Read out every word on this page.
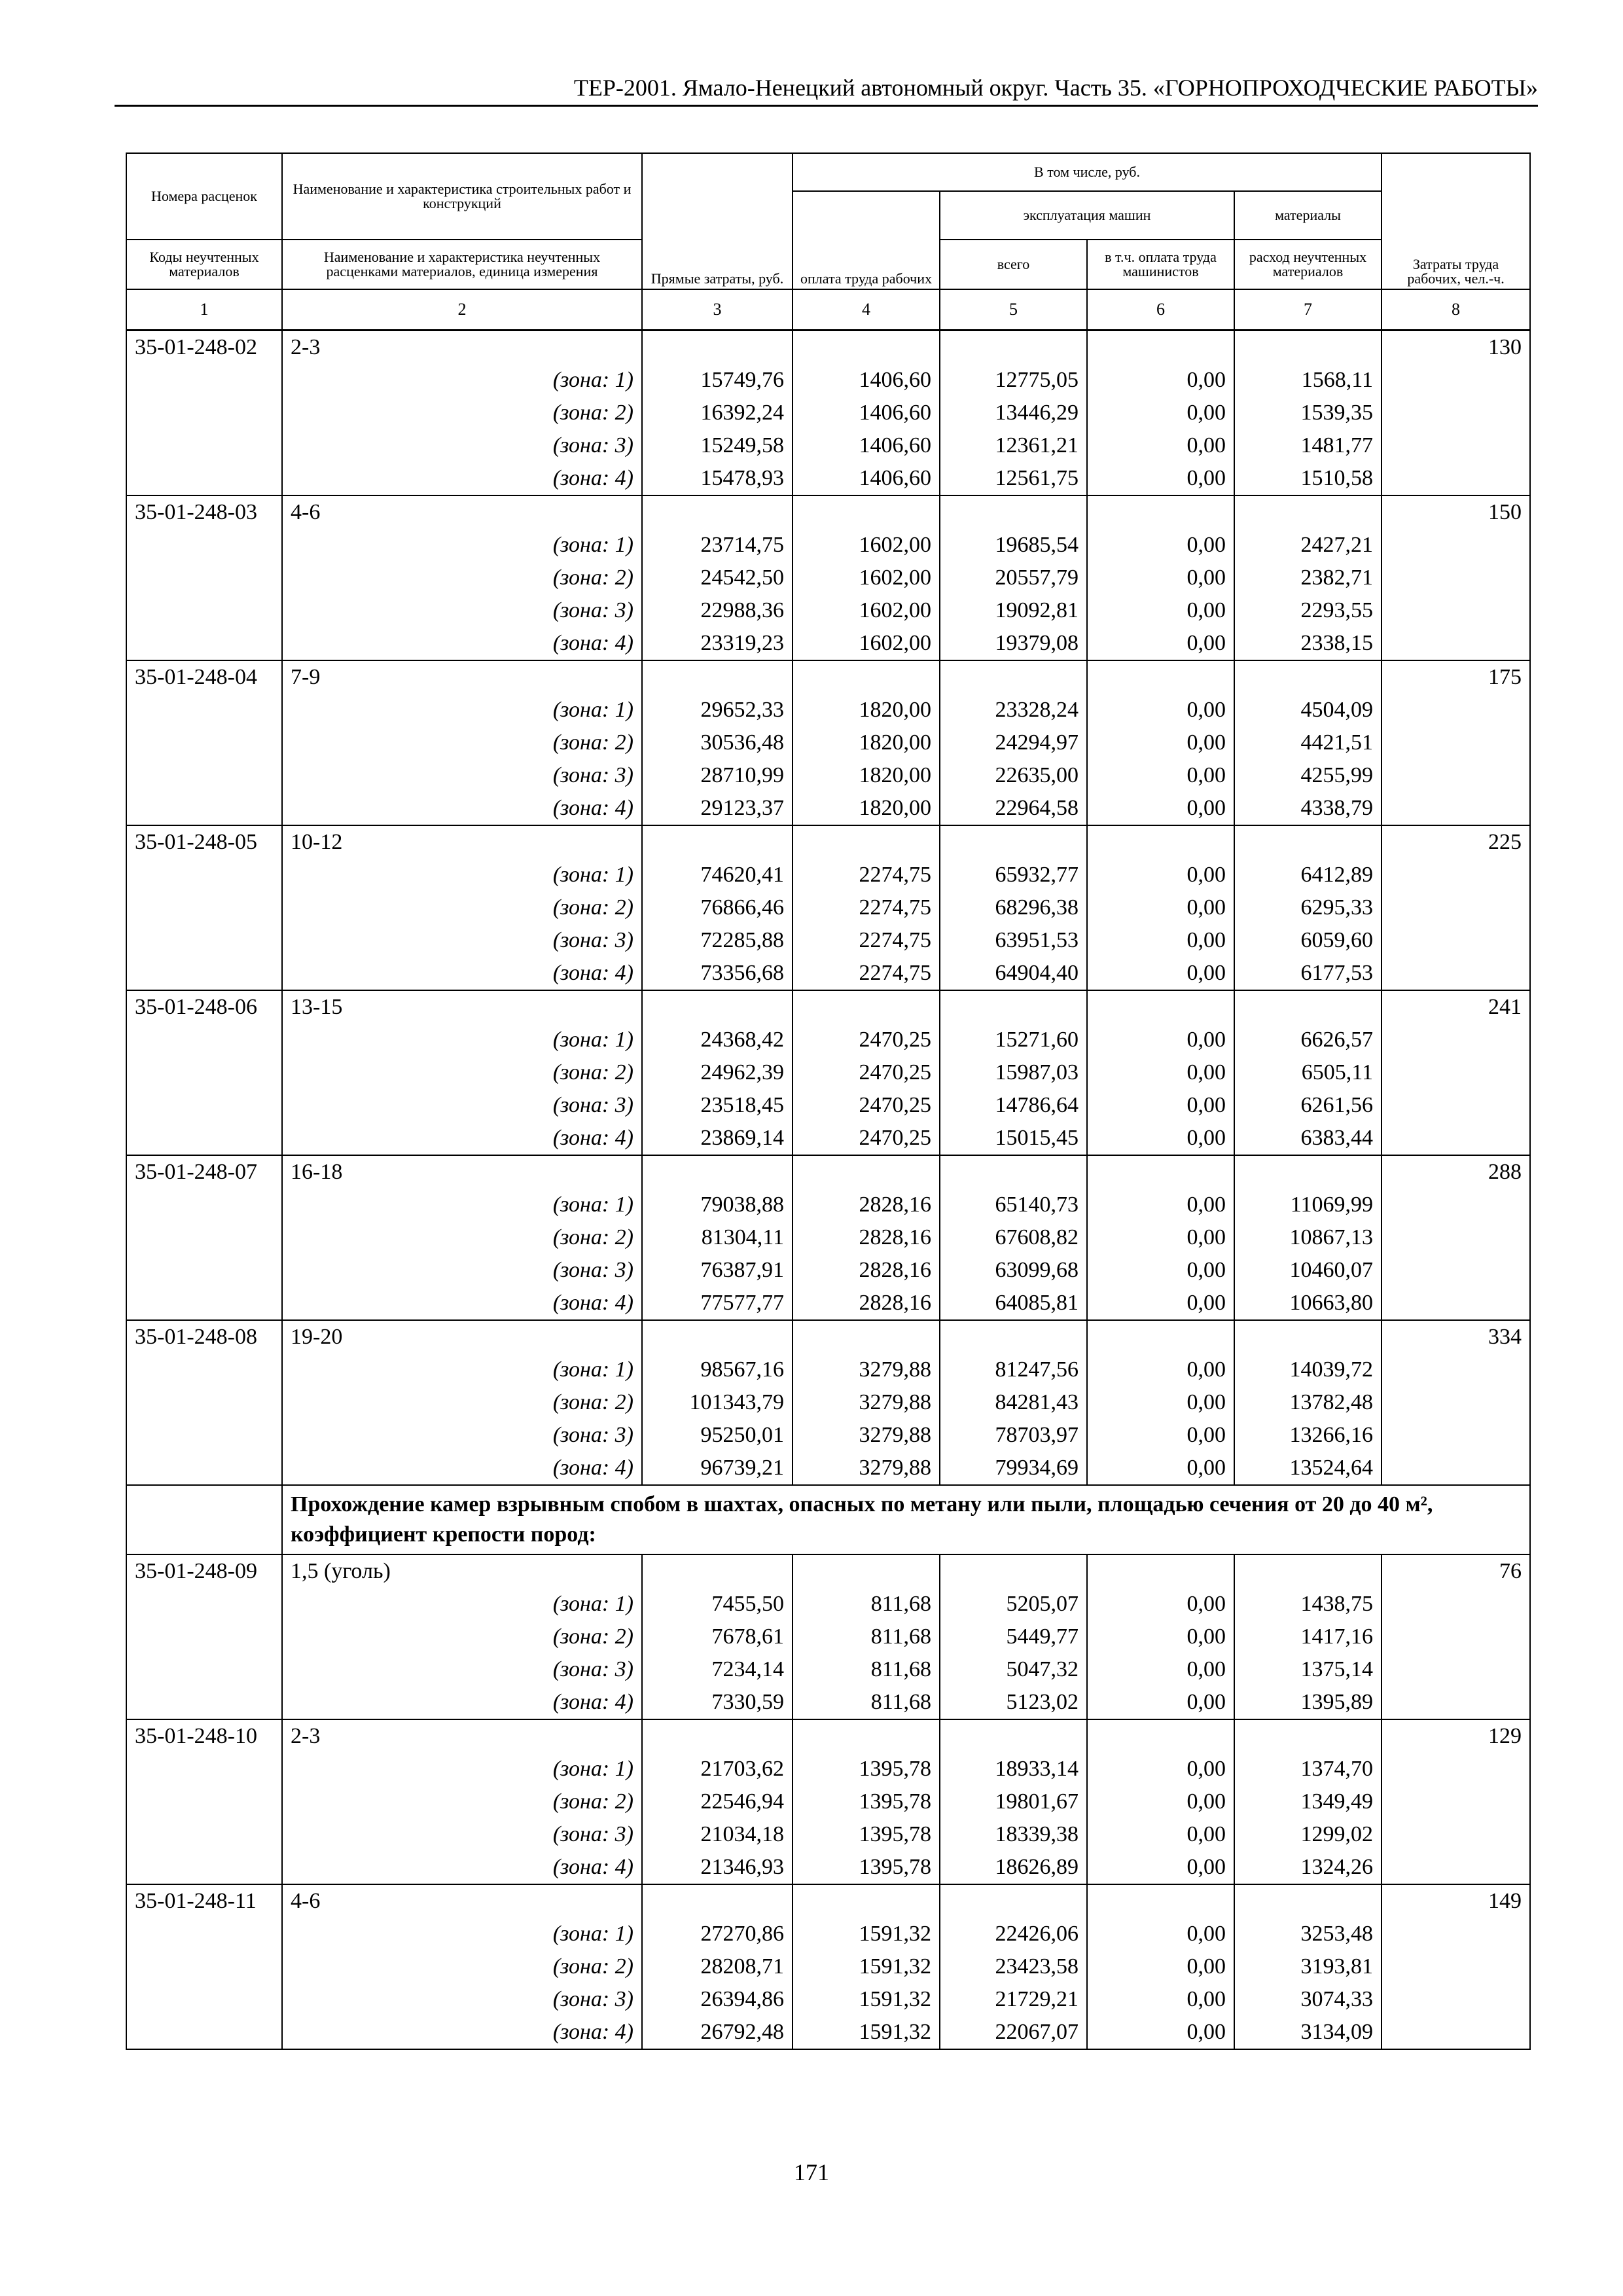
ТЕР-2001. Ямало-Ненецкий автономный округ. Часть 35. «ГОРНОПРОХОДЧЕСКИЕ РАБОТЫ»
Номера расценок	Наименование и характеристика строительных работ и конструкций	Прямые затраты, руб.	В том числе, руб.				Затраты труда рабочих, чел.-ч.
			оплата труда рабочих	эксплуатация машин		материалы	
Коды неучтенных материалов	Наименование и характеристика неучтенных расценками материалов, единица измерения			всего	в т.ч. оплата труда машинистов	расход неучтенных материалов	
1	2	3	4	5	6	7	8
35-01-248-02	2-3						130
	(зона: 1)	15749,76	1406,60	12775,05	0,00	1568,11	
	(зона: 2)	16392,24	1406,60	13446,29	0,00	1539,35	
	(зона: 3)	15249,58	1406,60	12361,21	0,00	1481,77	
	(зона: 4)	15478,93	1406,60	12561,75	0,00	1510,58	
35-01-248-03	4-6						150
	(зона: 1)	23714,75	1602,00	19685,54	0,00	2427,21	
	(зона: 2)	24542,50	1602,00	20557,79	0,00	2382,71	
	(зона: 3)	22988,36	1602,00	19092,81	0,00	2293,55	
	(зона: 4)	23319,23	1602,00	19379,08	0,00	2338,15	
35-01-248-04	7-9						175
	(зона: 1)	29652,33	1820,00	23328,24	0,00	4504,09	
	(зона: 2)	30536,48	1820,00	24294,97	0,00	4421,51	
	(зона: 3)	28710,99	1820,00	22635,00	0,00	4255,99	
	(зона: 4)	29123,37	1820,00	22964,58	0,00	4338,79	
35-01-248-05	10-12						225
	(зона: 1)	74620,41	2274,75	65932,77	0,00	6412,89	
	(зона: 2)	76866,46	2274,75	68296,38	0,00	6295,33	
	(зона: 3)	72285,88	2274,75	63951,53	0,00	6059,60	
	(зона: 4)	73356,68	2274,75	64904,40	0,00	6177,53	
35-01-248-06	13-15						241
	(зона: 1)	24368,42	2470,25	15271,60	0,00	6626,57	
	(зона: 2)	24962,39	2470,25	15987,03	0,00	6505,11	
	(зона: 3)	23518,45	2470,25	14786,64	0,00	6261,56	
	(зона: 4)	23869,14	2470,25	15015,45	0,00	6383,44	
35-01-248-07	16-18						288
	(зона: 1)	79038,88	2828,16	65140,73	0,00	11069,99	
	(зона: 2)	81304,11	2828,16	67608,82	0,00	10867,13	
	(зона: 3)	76387,91	2828,16	63099,68	0,00	10460,07	
	(зона: 4)	77577,77	2828,16	64085,81	0,00	10663,80	
35-01-248-08	19-20						334
	(зона: 1)	98567,16	3279,88	81247,56	0,00	14039,72	
	(зона: 2)	101343,79	3279,88	84281,43	0,00	13782,48	
	(зона: 3)	95250,01	3279,88	78703,97	0,00	13266,16	
	(зона: 4)	96739,21	3279,88	79934,69	0,00	13524,64	
	Прохождение камер взрывным спобом в шахтах, опасных по метану или пыли, площадью сечения от 20 до 40 м², коэффициент крепости пород:						
35-01-248-09	1,5 (уголь)						76
	(зона: 1)	7455,50	811,68	5205,07	0,00	1438,75	
	(зона: 2)	7678,61	811,68	5449,77	0,00	1417,16	
	(зона: 3)	7234,14	811,68	5047,32	0,00	1375,14	
	(зона: 4)	7330,59	811,68	5123,02	0,00	1395,89	
35-01-248-10	2-3						129
	(зона: 1)	21703,62	1395,78	18933,14	0,00	1374,70	
	(зона: 2)	22546,94	1395,78	19801,67	0,00	1349,49	
	(зона: 3)	21034,18	1395,78	18339,38	0,00	1299,02	
	(зона: 4)	21346,93	1395,78	18626,89	0,00	1324,26	
35-01-248-11	4-6						149
	(зона: 1)	27270,86	1591,32	22426,06	0,00	3253,48	
	(зона: 2)	28208,71	1591,32	23423,58	0,00	3193,81	
	(зона: 3)	26394,86	1591,32	21729,21	0,00	3074,33	
	(зона: 4)	26792,48	1591,32	22067,07	0,00	3134,09	
171
